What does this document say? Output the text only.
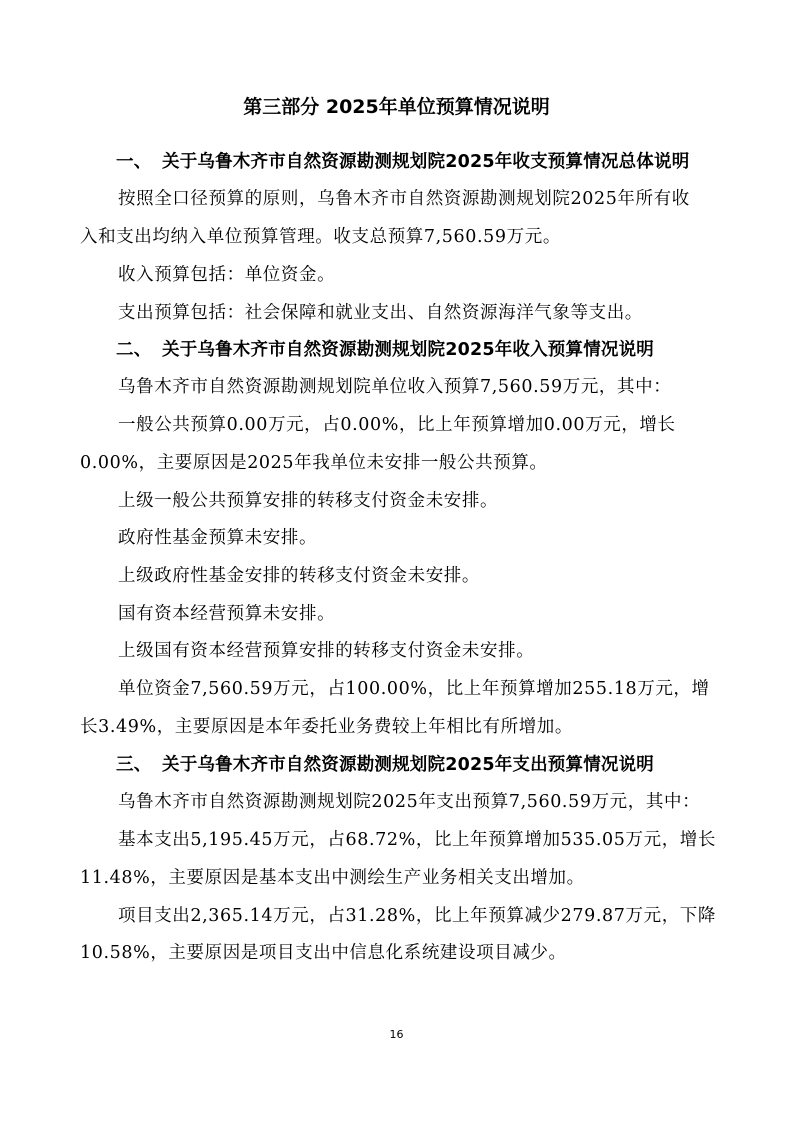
第三部分 2025年单位预算情况说明
一、 关于乌鲁木齐市自然资源勘测规划院2025年收支预算情况总体说明
按照全口径预算的原则，乌鲁木齐市自然资源勘测规划院2025年所有收
入和支出均纳入单位预算管理。收支总预算7,560.59万元。
收入预算包括：单位资金。
支出预算包括：社会保障和就业支出、自然资源海洋气象等支出。
二、 关于乌鲁木齐市自然资源勘测规划院2025年收入预算情况说明
乌鲁木齐市自然资源勘测规划院单位收入预算7,560.59万元，其中：
一般公共预算0.00万元，占0.00%，比上年预算增加0.00万元，增长
0.00%，主要原因是2025年我单位未安排一般公共预算。
上级一般公共预算安排的转移支付资金未安排。
政府性基金预算未安排。
上级政府性基金安排的转移支付资金未安排。
国有资本经营预算未安排。
上级国有资本经营预算安排的转移支付资金未安排。
单位资金7,560.59万元，占100.00%，比上年预算增加255.18万元，增
长3.49%，主要原因是本年委托业务费较上年相比有所增加。
三、 关于乌鲁木齐市自然资源勘测规划院2025年支出预算情况说明
乌鲁木齐市自然资源勘测规划院2025年支出预算7,560.59万元，其中：
基本支出5,195.45万元，占68.72%，比上年预算增加535.05万元，增长
11.48%，主要原因是基本支出中测绘生产业务相关支出增加。
项目支出2,365.14万元，占31.28%，比上年预算减少279.87万元，下降
10.58%，主要原因是项目支出中信息化系统建设项目减少。
16
